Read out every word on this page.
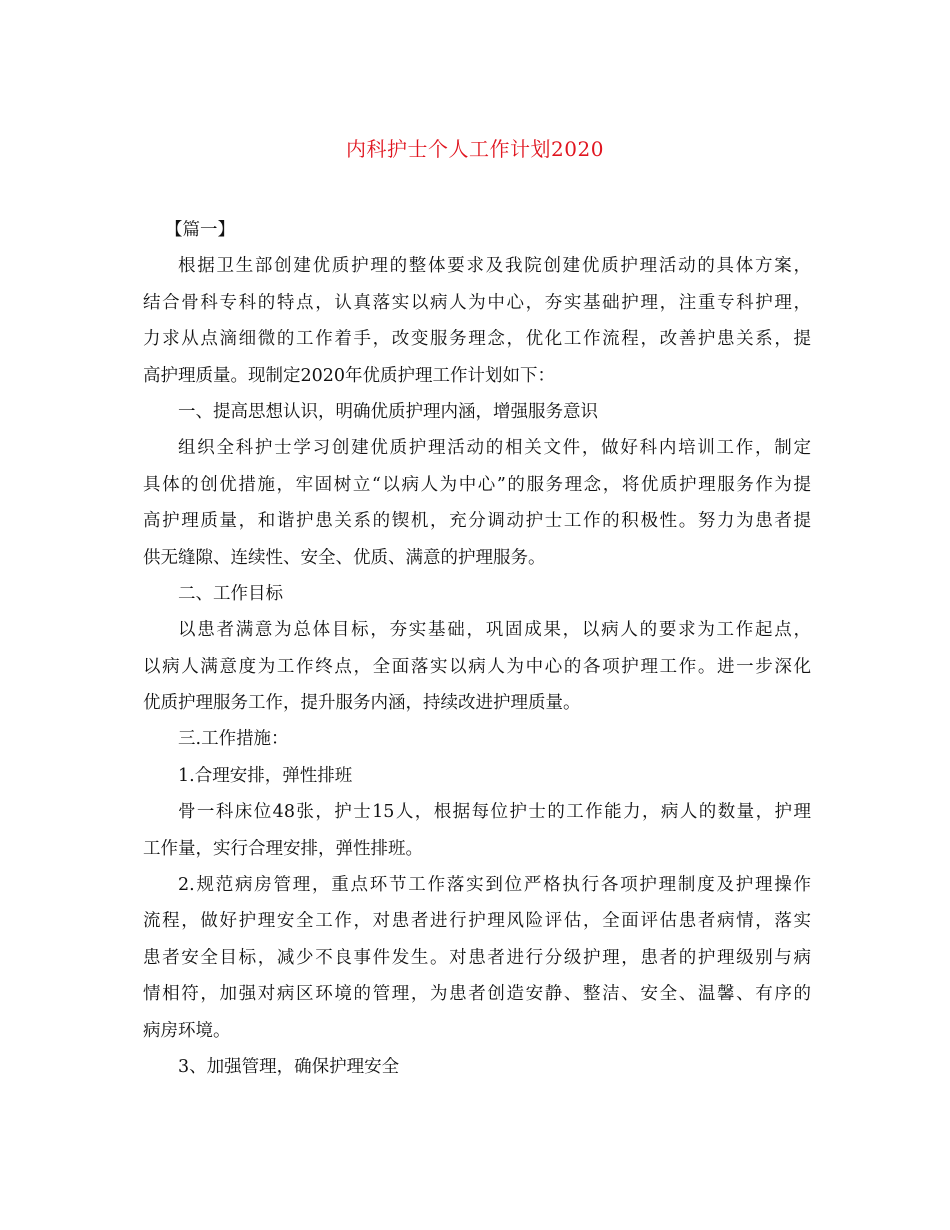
内科护士个人工作计划2020
【篇一】
根据卫生部创建优质护理的整体要求及我院创建优质护理活动的具体方案，
结合骨科专科的特点，认真落实以病人为中心，夯实基础护理，注重专科护理，
力求从点滴细微的工作着手，改变服务理念，优化工作流程，改善护患关系，提
高护理质量。现制定2020年优质护理工作计划如下：
一、提高思想认识，明确优质护理内涵，增强服务意识
组织全科护士学习创建优质护理活动的相关文件，做好科内培训工作，制定
具体的创优措施，牢固树立“以病人为中心”的服务理念，将优质护理服务作为提
高护理质量，和谐护患关系的锲机，充分调动护士工作的积极性。努力为患者提
供无缝隙、连续性、安全、优质、满意的护理服务。
二、工作目标
以患者满意为总体目标，夯实基础，巩固成果，以病人的要求为工作起点，
以病人满意度为工作终点，全面落实以病人为中心的各项护理工作。进一步深化
优质护理服务工作，提升服务内涵，持续改进护理质量。
三.工作措施：
1.合理安排，弹性排班
骨一科床位48张，护士15人，根据每位护士的工作能力，病人的数量，护理
工作量，实行合理安排，弹性排班。
2.规范病房管理，重点环节工作落实到位严格执行各项护理制度及护理操作
流程，做好护理安全工作，对患者进行护理风险评估，全面评估患者病情，落实
患者安全目标，减少不良事件发生。对患者进行分级护理，患者的护理级别与病
情相符，加强对病区环境的管理，为患者创造安静、整洁、安全、温馨、有序的
病房环境。
3、加强管理，确保护理安全
